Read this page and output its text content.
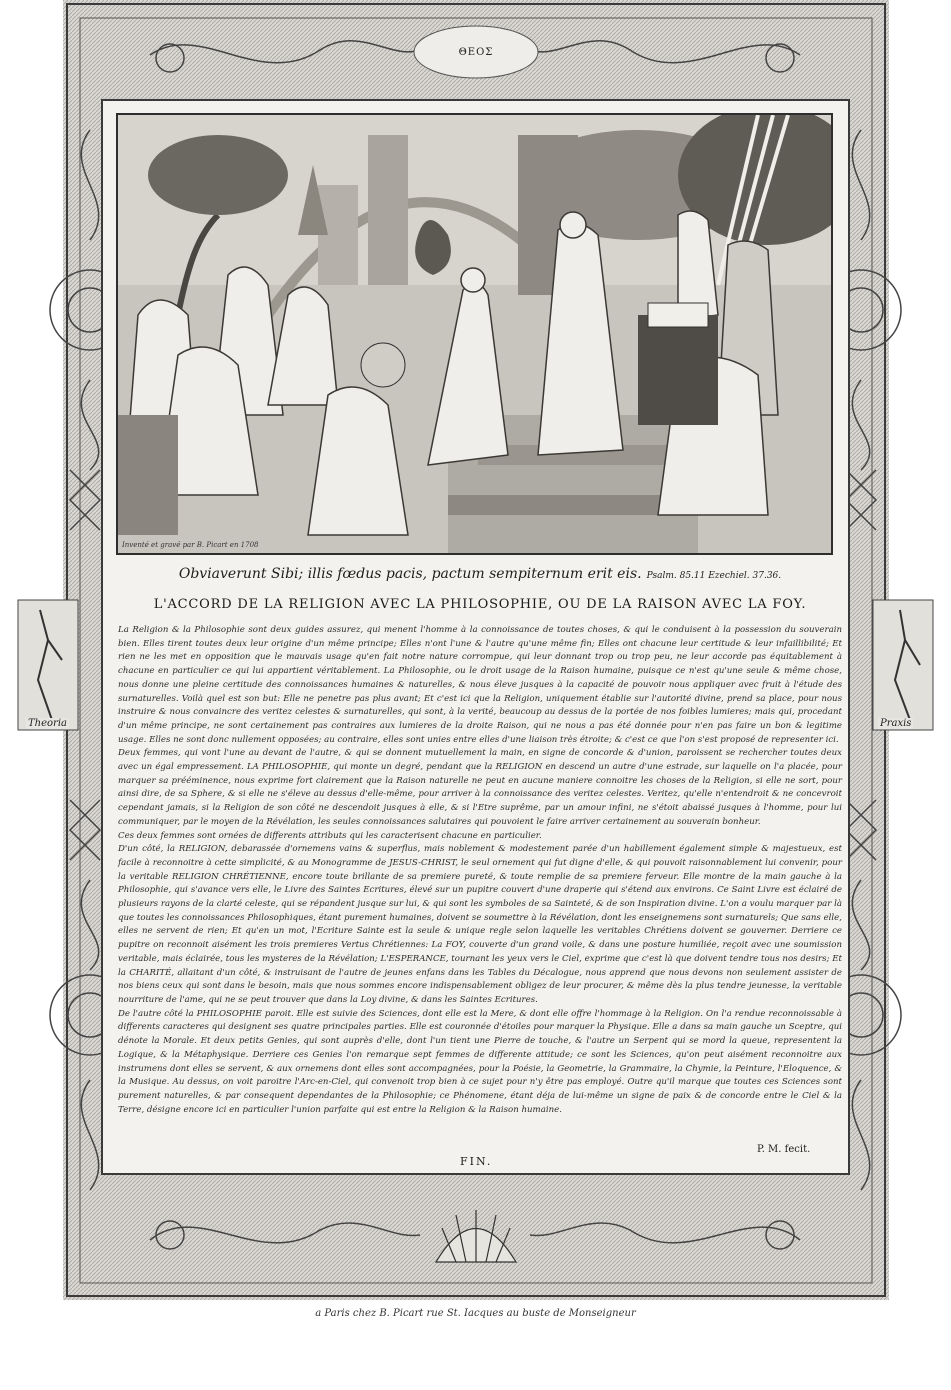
ΘΕΟΣ
Inventé et gravé par B. Picart en 1708
Obviaverunt Sibi; illis fœdus pacis, pactum sempiternum erit eis. Psalm. 85.11 Ezechiel. 37.36.
L'ACCORD DE LA RELIGION AVEC LA PHILOSOPHIE, OU DE LA RAISON AVEC LA FOY.

La Religion & la Philosophie sont deux guides assurez, qui menent l'homme à la connoissance de toutes choses, & qui le conduisent à la possession du souverain bien. Elles tirent toutes deux leur origine d'un même principe; Elles n'ont l'une & l'autre qu'une même fin; Elles ont chacune leur certitude & leur infaillibilité; Et rien ne les met en opposition que le mauvais usage qu'en fait notre nature corrompue, qui leur donnant trop ou trop peu, ne leur accorde pas équitablement à chacune en particulier ce qui lui appartient véritablement. La Philosophie, ou le droit usage de la Raison humaine, puisque ce n'est qu'une seule & même chose, nous donne une pleine certitude des connoissances humaines & naturelles, & nous éleve jusques à la capacité de pouvoir nous appliquer avec fruit à l'étude des surnaturelles. Voilà quel est son but: Elle ne penetre pas plus avant; Et c'est ici que la Religion, uniquement établie sur l'autorité divine, prend sa place, pour nous instruire & nous convaincre des veritez celestes & surnaturelles, qui sont, à la verité, beaucoup au dessus de la portée de nos foibles lumieres; mais qui, procedant d'un même principe, ne sont certainement pas contraires aux lumieres de la droite Raison, qui ne nous a pas été donnée pour n'en pas faire un bon & legitime usage. Elles ne sont donc nullement opposées; au contraire, elles sont unies entre elles d'une liaison très étroite; & c'est ce que l'on s'est proposé de representer ici.

Deux femmes, qui vont l'une au devant de l'autre, & qui se donnent mutuellement la main, en signe de concorde & d'union, paroissent se rechercher toutes deux avec un égal empressement. LA PHILOSOPHIE, qui monte un degré, pendant que la RELIGION en descend un autre d'une estrade, sur laquelle on l'a placée, pour marquer sa prééminence, nous exprime fort clairement que la Raison naturelle ne peut en aucune maniere connoitre les choses de la Religion, si elle ne sort, pour ainsi dire, de sa Sphere, & si elle ne s'éleve au dessus d'elle-même, pour arriver à la connoissance des veritez celestes. Veritez, qu'elle n'entendroit & ne concevroit cependant jamais, si la Religion de son côté ne descendoit jusques à elle, & si l'Etre suprême, par un amour infini, ne s'étoit abaissé jusques à l'homme, pour lui communiquer, par le moyen de la Révélation, les seules connoissances salutaires qui pouvoient le faire arriver certainement au souverain bonheur.

Ces deux femmes sont ornées de differents attributs qui les caracterisent chacune en particulier.

D'un côté, la RELIGION, debarassée d'ornemens vains & superflus, mais noblement & modestement parée d'un habillement également simple & majestueux, est facile à reconnoitre à cette simplicité, & au Monogramme de JESUS-CHRIST, le seul ornement qui fut digne d'elle, & qui pouvoit raisonnablement lui convenir, pour la veritable RELIGION CHRÉTIENNE, encore toute brillante de sa premiere pureté, & toute remplie de sa premiere ferveur. Elle montre de la main gauche à la Philosophie, qui s'avance vers elle, le Livre des Saintes Ecritures, élevé sur un pupitre couvert d'une draperie qui s'étend aux environs. Ce Saint Livre est éclairé de plusieurs rayons de la clarté celeste, qui se répandent jusque sur lui, & qui sont les symboles de sa Sainteté, & de son Inspiration divine. L'on a voulu marquer par là que toutes les connoissances Philosophiques, étant purement humaines, doivent se soumettre à la Révélation, dont les enseignemens sont surnaturels; Que sans elle, elles ne servent de rien; Et qu'en un mot, l'Ecriture Sainte est la seule & unique regle selon laquelle les veritables Chrétiens doivent se gouverner. Derriere ce pupitre on reconnoit aisément les trois premieres Vertus Chrétiennes: La FOY, couverte d'un grand voile, & dans une posture humiliée, reçoit avec une soumission veritable, mais éclairée, tous les mysteres de la Révélation; L'ESPERANCE, tournant les yeux vers le Ciel, exprime que c'est là que doivent tendre tous nos desirs; Et la CHARITÉ, allaitant d'un côté, & instruisant de l'autre de jeunes enfans dans les Tables du Décalogue, nous apprend que nous devons non seulement assister de nos biens ceux qui sont dans le besoin, mais que nous sommes encore indispensablement obligez de leur procurer, & même dès la plus tendre jeunesse, la veritable nourriture de l'ame, qui ne se peut trouver que dans la Loy divine, & dans les Saintes Ecritures.

De l'autre côté la PHILOSOPHIE paroit. Elle est suivie des Sciences, dont elle est la Mere, & dont elle offre l'hommage à la Religion. On l'a rendue reconnoissable à differents caracteres qui designent ses quatre principales parties. Elle est couronnée d'étoiles pour marquer la Physique. Elle a dans sa main gauche un Sceptre, qui dénote la Morale. Et deux petits Genies, qui sont auprès d'elle, dont l'un tient une Pierre de touche, & l'autre un Serpent qui se mord la queue, representent la Logique, & la Métaphysique. Derriere ces Genies l'on remarque sept femmes de differente attitude; ce sont les Sciences, qu'on peut aisément reconnoitre aux instrumens dont elles se servent, & aux ornemens dont elles sont accompagnées, pour la Poésie, la Geometrie, la Grammaire, la Chymie, la Peinture, l'Eloquence, & la Musique. Au dessus, on voit paroitre l'Arc-en-Ciel, qui convenoit trop bien à ce sujet pour n'y être pas employé. Outre qu'il marque que toutes ces Sciences sont purement naturelles, & par consequent dependantes de la Philosophie; ce Phénomene, étant déja de lui-même un signe de paix & de concorde entre le Ciel & la Terre, désigne encore ici en particulier l'union parfaite qui est entre la Religion & la Raison humaine.

P. M. fecit.
FIN.
Theoria	Praxis
a Paris chez B. Picart rue St. Iacques au buste de Monseigneur
